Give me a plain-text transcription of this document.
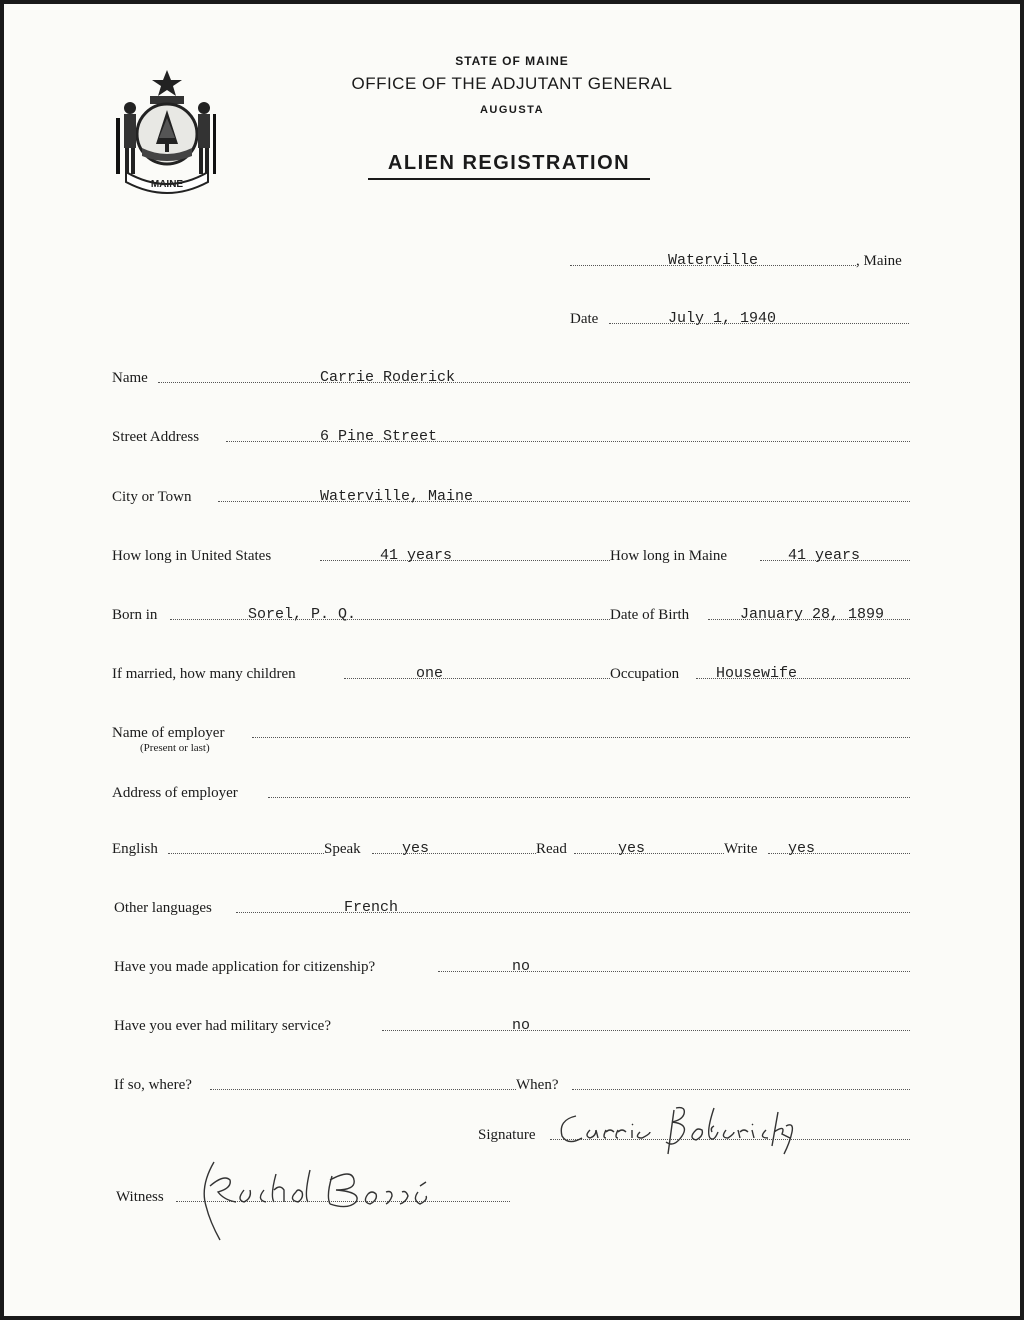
MAINE
STATE OF MAINE
OFFICE OF THE ADJUTANT GENERAL
AUGUSTA
ALIEN REGISTRATION
Waterville	, Maine
Date	July 1, 1940
Name	Carrie Roderick
Street Address	6 Pine Street
City or Town	Waterville, Maine
How long in United States	41 years	How long in Maine	41 years
Born in	Sorel, P. Q.	Date of Birth	January 28, 1899
If married, how many children	one	Occupation Housewife
Name of employer
(Present or last)
Address of employer
English	Speak	yes	Read	yes	Write yes
Other languages	French
Have you made application for citizenship?	no
Have you ever had military service?	no
If so, where?	When?
Signature
Witness
